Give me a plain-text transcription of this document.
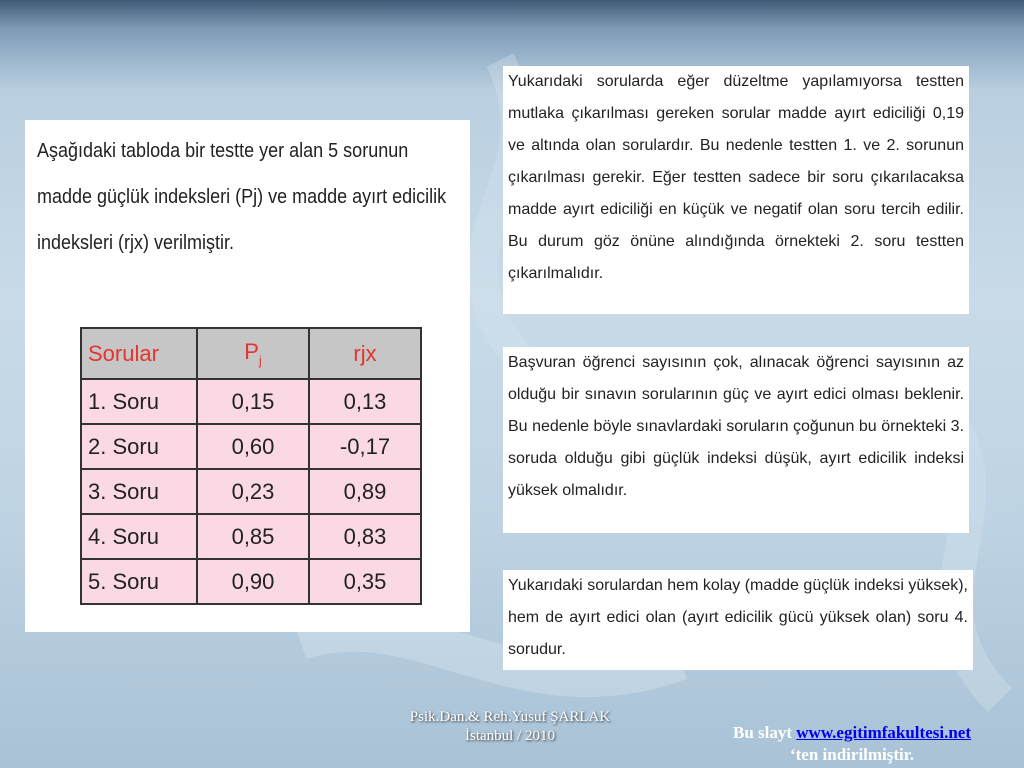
Aşağıdaki tabloda bir testte yer alan 5 sorunun madde güçlük indeksleri (Pj) ve madde ayırt edicilik indeksleri (rjx) verilmiştir.
Sorular	$P_j$	rjx
1. Soru	0,15	0,13
2. Soru	0,60	-0,17
3. Soru	0,23	0,89
4. Soru	0,85	0,83
5. Soru	0,90	0,35
Yukarıdaki sorularda eğer düzeltme yapılamıyorsa testten mutlaka çıkarılması gereken sorular madde ayırt ediciliği 0,19 ve altında olan sorulardır. Bu nedenle testten 1. ve 2. sorunun çıkarılması gerekir. Eğer testten sadece bir soru çıkarılacaksa madde ayırt ediciliği en küçük ve negatif olan soru tercih edilir. Bu durum göz önüne alındığında örnekteki 2. soru testten çıkarılmalıdır.
Başvuran öğrenci sayısının çok, alınacak öğrenci sayısının az olduğu bir sınavın sorularının güç ve ayırt edici olması beklenir. Bu nedenle böyle sınavlardaki soruların çoğunun bu örnekteki 3. soruda olduğu gibi güçlük indeksi düşük, ayırt edicilik indeksi yüksek olmalıdır.
Yukarıdaki sorulardan hem kolay (madde güçlük indeksi yüksek), hem de ayırt edici olan (ayırt edicilik gücü yüksek olan) soru 4. sorudur.
Psik.Dan.& Reh.Yusuf ŞARLAK
İstanbul / 2010	Bu slayt www.egitimfakultesi.net
‘ten indirilmiştir.
